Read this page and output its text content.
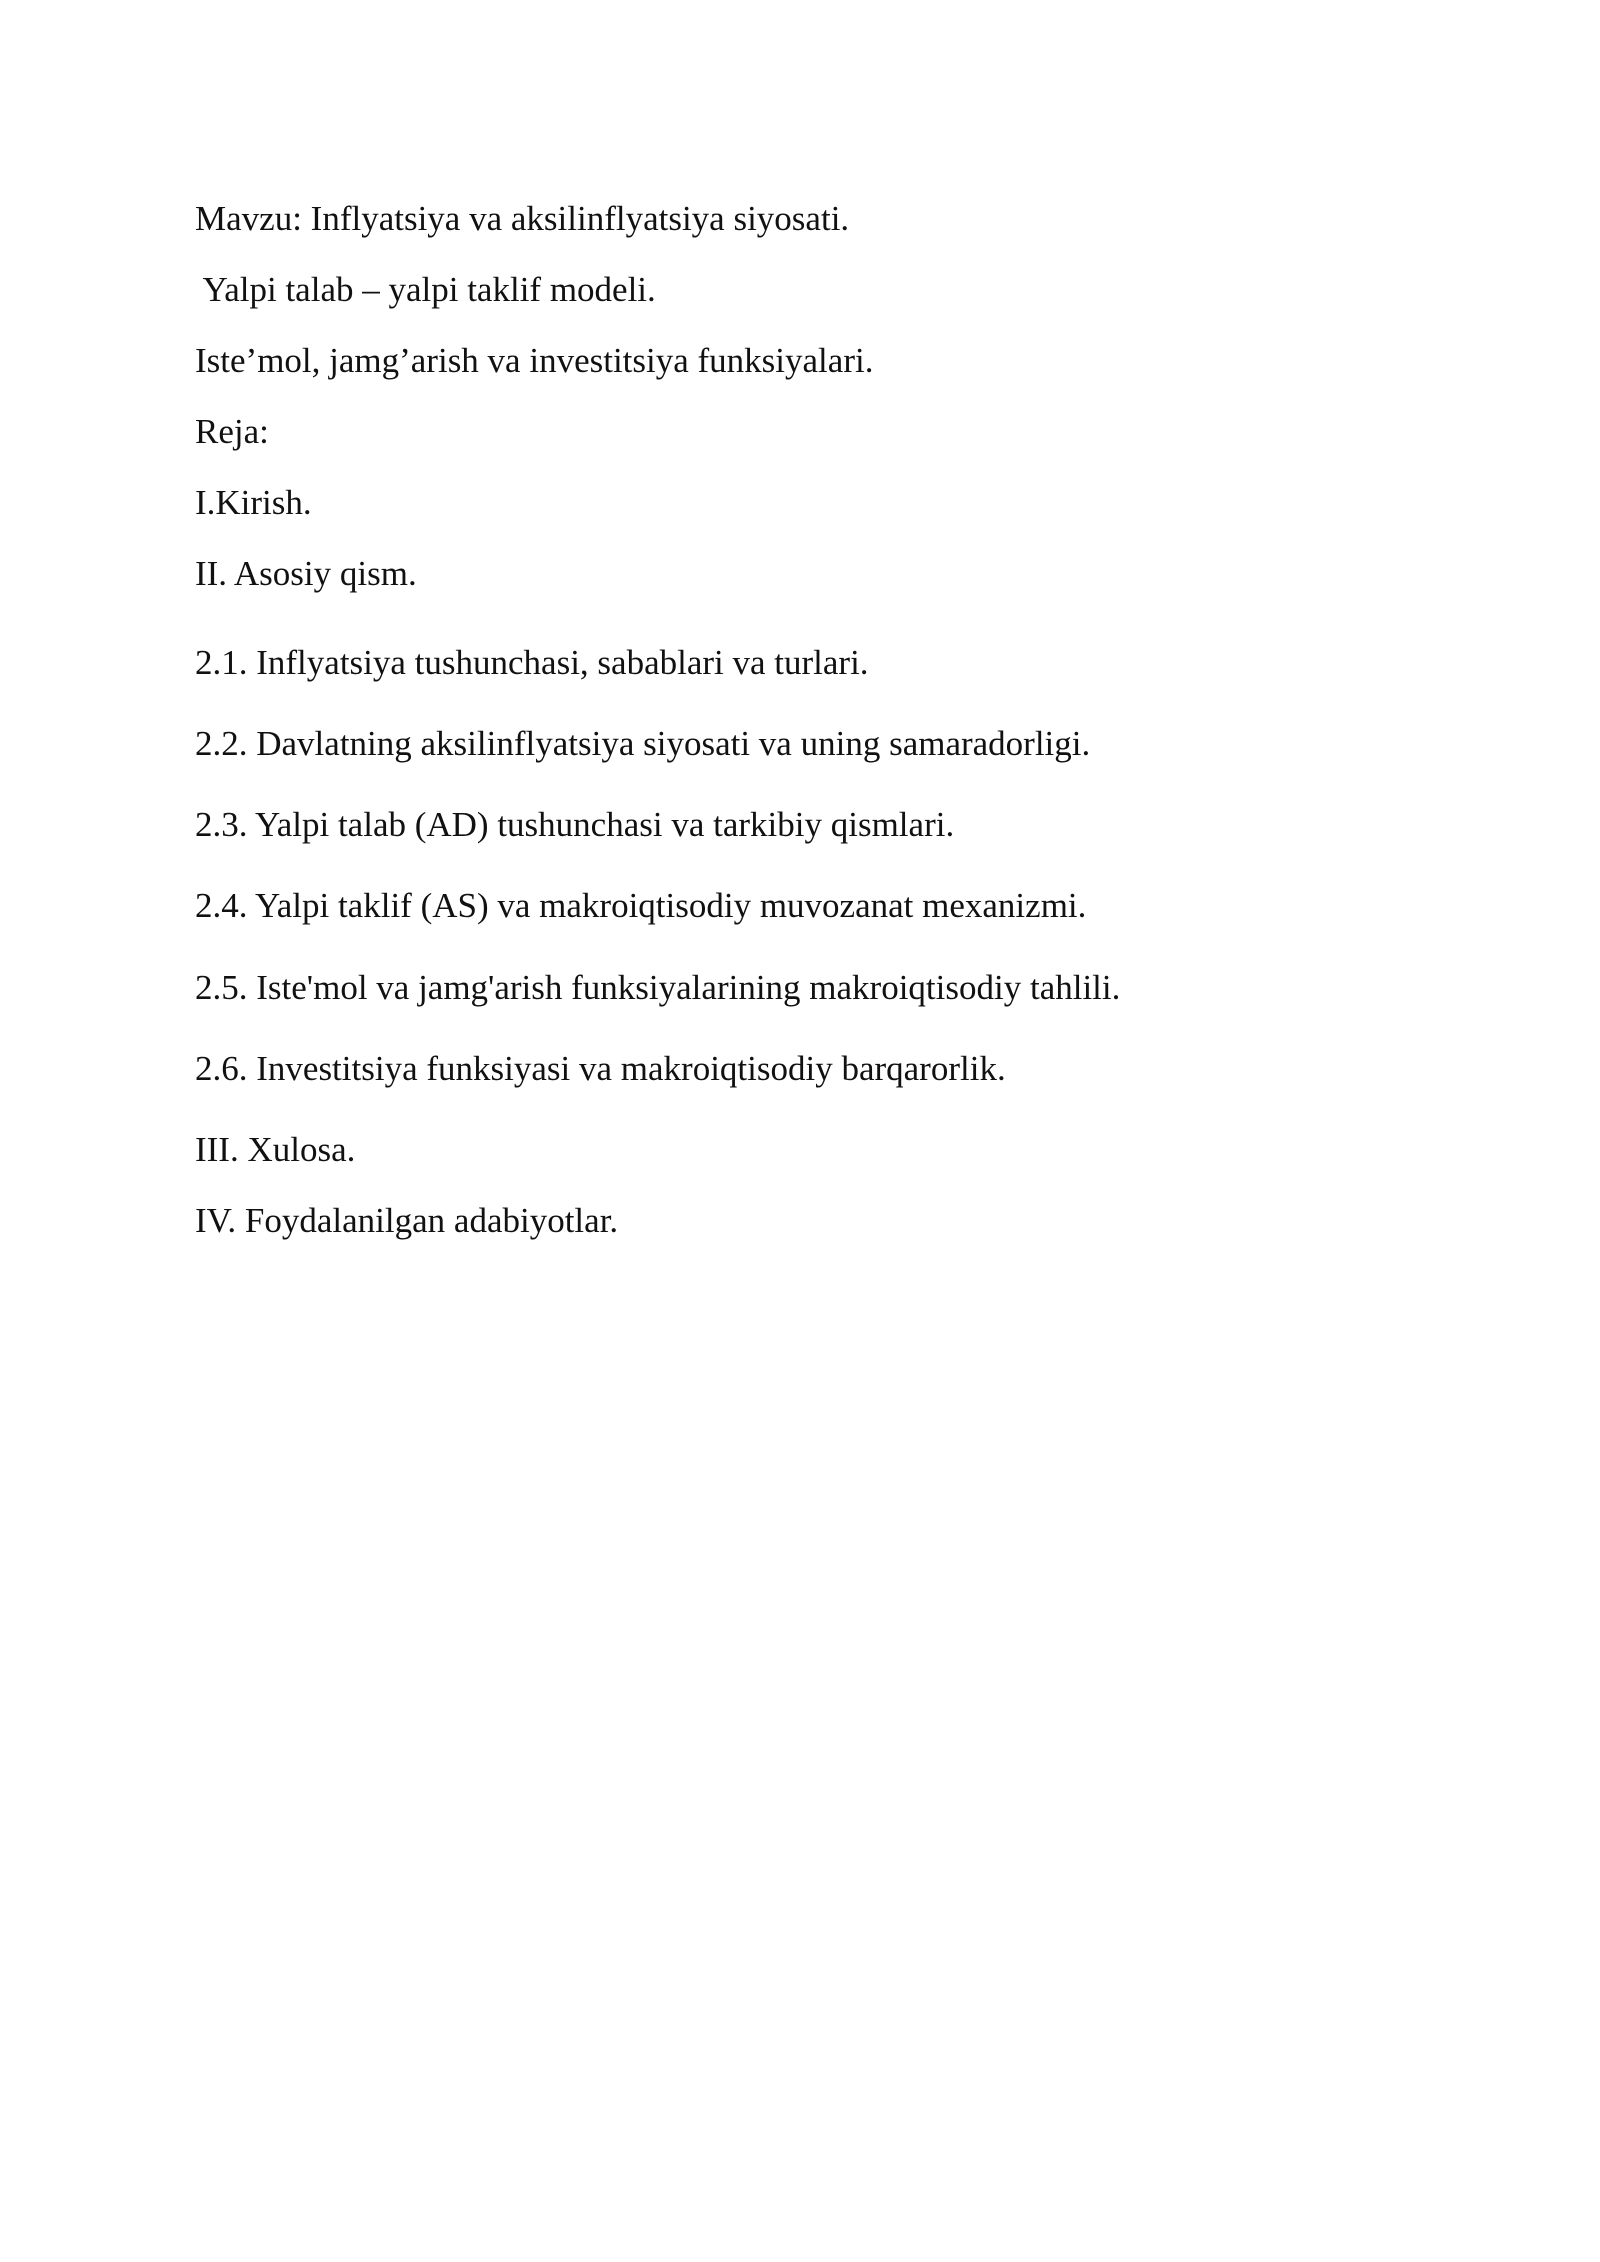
Mavzu: Inflyatsiya va aksilinflyatsiya siyosati.

Yalpi talab – yalpi taklif modeli.

Iste’mol, jamg’arish va investitsiya funksiyalari.

Reja:

I.Kirish.

II. Asosiy qism.

2.1. Inflyatsiya tushunchasi, sabablari va turlari.

2.2. Davlatning aksilinflyatsiya siyosati va uning samaradorligi.

2.3. Yalpi talab (AD) tushunchasi va tarkibiy qismlari.

2.4. Yalpi taklif (AS) va makroiqtisodiy muvozanat mexanizmi.

2.5. Iste'mol va jamg'arish funksiyalarining makroiqtisodiy tahlili.

2.6. Investitsiya funksiyasi va makroiqtisodiy barqarorlik.

III. Xulosa.

IV. Foydalanilgan adabiyotlar.
